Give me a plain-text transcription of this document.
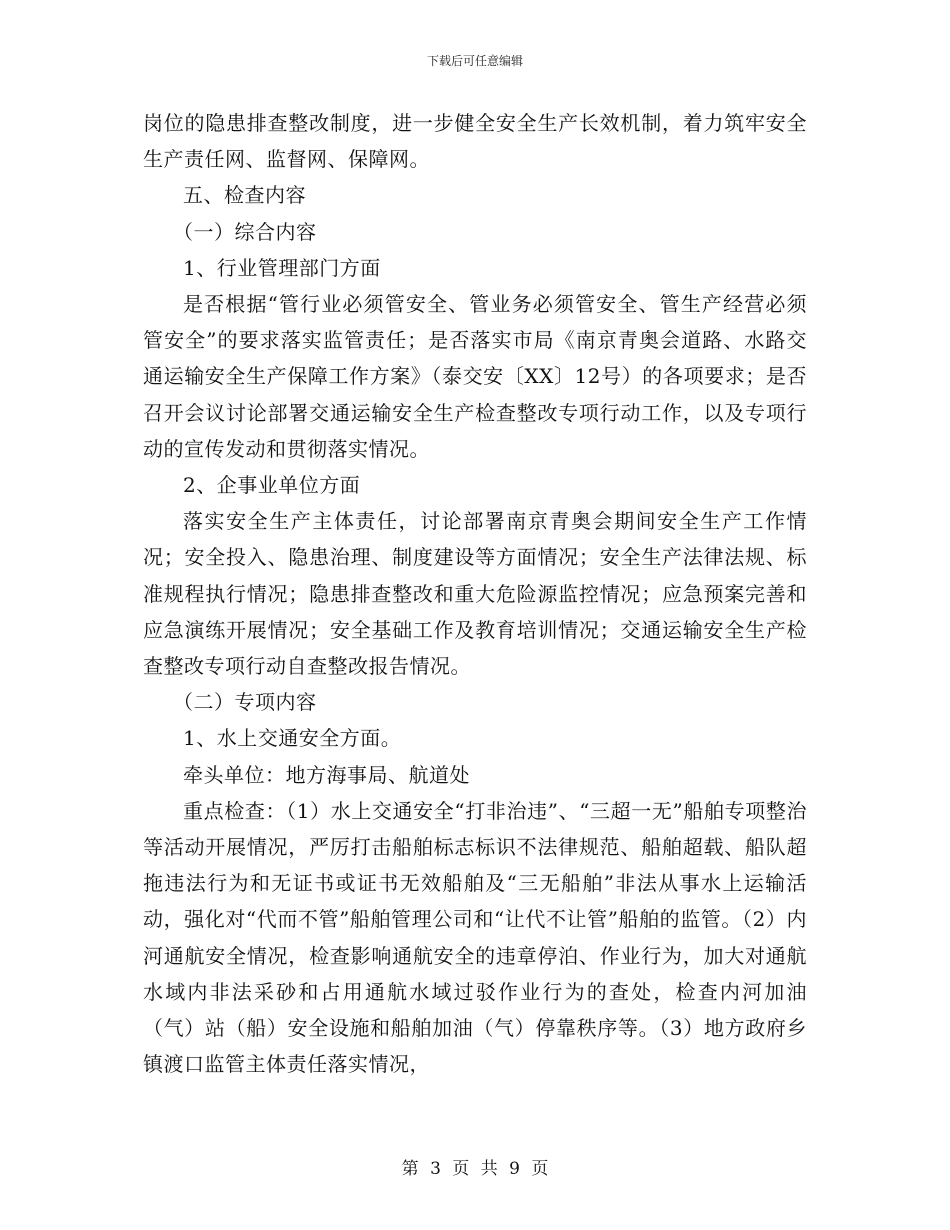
下载后可任意编辑

岗位的隐患排查整改制度，进一步健全安全生产长效机制，着力筑牢安全生产责任网、监督网、保障网。

五、检查内容

（一）综合内容

1、行业管理部门方面

是否根据“管行业必须管安全、管业务必须管安全、管生产经营必须管安全”的要求落实监管责任；是否落实市局《南京青奥会道路、水路交通运输安全生产保障工作方案》（泰交安〔XX〕12号）的各项要求；是否召开会议讨论部署交通运输安全生产检查整改专项行动工作，以及专项行动的宣传发动和贯彻落实情况。

2、企事业单位方面

落实安全生产主体责任，讨论部署南京青奥会期间安全生产工作情况；安全投入、隐患治理、制度建设等方面情况；安全生产法律法规、标准规程执行情况；隐患排查整改和重大危险源监控情况；应急预案完善和应急演练开展情况；安全基础工作及教育培训情况；交通运输安全生产检查整改专项行动自查整改报告情况。

（二）专项内容

1、水上交通安全方面。

牵头单位：地方海事局、航道处

重点检查：（1）水上交通安全“打非治违”、“三超一无”船舶专项整治等活动开展情况，严厉打击船舶标志标识不法律规范、船舶超载、船队超拖违法行为和无证书或证书无效船舶及“三无船舶”非法从事水上运输活动，强化对“代而不管”船舶管理公司和“让代不让管”船舶的监管。（2）内河通航安全情况，检查影响通航安全的违章停泊、作业行为，加大对通航水域内非法采砂和占用通航水域过驳作业行为的查处，检查内河加油（气）站（船）安全设施和船舶加油（气）停靠秩序等。（3）地方政府乡镇渡口监管主体责任落实情况，

第 3 页 共 9 页
